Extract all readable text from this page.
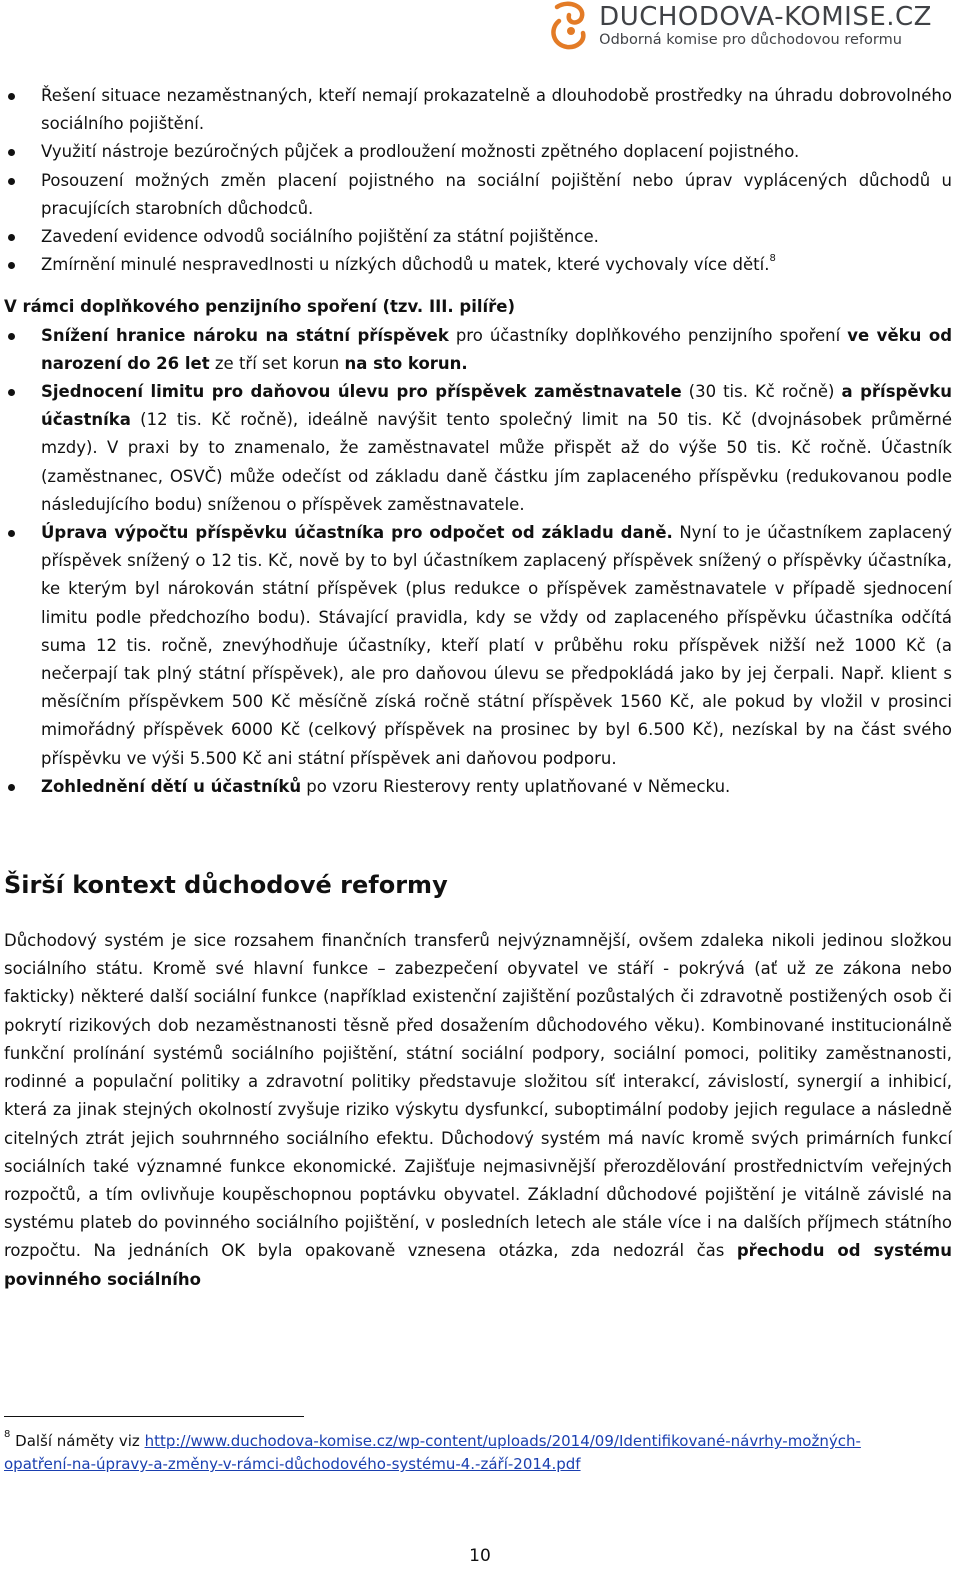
DUCHODOVA-KOMISE.CZ
Odborná komise pro důchodovou reformu
Řešení situace nezaměstnaných, kteří nemají prokazatelně a dlouhodobě prostředky na úhradu dobrovolného sociálního pojištění.
Využití nástroje bezúročných půjček a prodloužení možnosti zpětného doplacení pojistného.
Posouzení možných změn placení pojistného na sociální pojištění nebo úprav vyplácených důchodů u pracujících starobních důchodců.
Zavedení evidence odvodů sociálního pojištění za státní pojištěnce.
Zmírnění minulé nespravedlnosti u nízkých důchodů u matek, které vychovaly více dětí.$^8$
V rámci doplňkového penzijního spoření (tzv. III. pilíře)
Snížení hranice nároku na státní příspěvek pro účastníky doplňkového penzijního spoření ve věku od narození do 26 let ze tří set korun na sto korun.
Sjednocení limitu pro daňovou úlevu pro příspěvek zaměstnavatele (30 tis. Kč ročně) a příspěvku účastníka (12 tis. Kč ročně), ideálně navýšit tento společný limit na 50 tis. Kč (dvojnásobek průměrné mzdy). V praxi by to znamenalo, že zaměstnavatel může přispět až do výše 50 tis. Kč ročně. Účastník (zaměstnanec, OSVČ) může odečíst od základu daně částku jím zaplaceného příspěvku (redukovanou podle následujícího bodu) sníženou o příspěvek zaměstnavatele.
Úprava výpočtu příspěvku účastníka pro odpočet od základu daně. Nyní to je účastníkem zaplacený příspěvek snížený o 12 tis. Kč, nově by to byl účastníkem zaplacený příspěvek snížený o příspěvky účastníka, ke kterým byl nárokován státní příspěvek (plus redukce o příspěvek zaměstnavatele v případě sjednocení limitu podle předchozího bodu). Stávající pravidla, kdy se vždy od zaplaceného příspěvku účastníka odčítá suma 12 tis. ročně, znevýhodňuje účastníky, kteří platí v průběhu roku příspěvek nižší než 1000 Kč (a nečerpají tak plný státní příspěvek), ale pro daňovou úlevu se předpokládá jako by jej čerpali. Např. klient s měsíčním příspěvkem 500 Kč měsíčně získá ročně státní příspěvek 1560 Kč, ale pokud by vložil v prosinci mimořádný příspěvek 6000 Kč (celkový příspěvek na prosinec by byl 6.500 Kč), nezískal by na část svého příspěvku ve výši 5.500 Kč ani státní příspěvek ani daňovou podporu.
Zohlednění dětí u účastníků po vzoru Riesterovy renty uplatňované v Německu.
Širší kontext důchodové reformy

Důchodový systém je sice rozsahem finančních transferů nejvýznamnější, ovšem zdaleka nikoli jedinou složkou sociálního státu. Kromě své hlavní funkce – zabezpečení obyvatel ve stáří - pokrývá (ať už ze zákona nebo fakticky) některé další sociální funkce (například existenční zajištění pozůstalých či zdravotně postižených osob či pokrytí rizikových dob nezaměstnanosti těsně před dosažením důchodového věku). Kombinované institucionálně funkční prolínání systémů sociálního pojištění, státní sociální podpory, sociální pomoci, politiky zaměstnanosti, rodinné a populační politiky a zdravotní politiky představuje složitou síť interakcí, závislostí, synergií a inhibicí, která za jinak stejných okolností zvyšuje riziko výskytu dysfunkcí, suboptimální podoby jejich regulace a následně citelných ztrát jejich souhrnného sociálního efektu. Důchodový systém má navíc kromě svých primárních funkcí sociálních také významné funkce ekonomické. Zajišťuje nejmasivnější přerozdělování prostřednictvím veřejných rozpočtů, a tím ovlivňuje koupěschopnou poptávku obyvatel. Základní důchodové pojištění je vitálně závislé na systému plateb do povinného sociálního pojištění, v posledních letech ale stále více i na dalších příjmech státního rozpočtu. Na jednáních OK byla opakovaně vznesena otázka, zda nedozrál čas přechodu od systému povinného sociálního

$^8$ Další náměty viz http://www.duchodova-komise.cz/wp-content/uploads/2014/09/Identifikované-návrhy-možných-
opatření-na-úpravy-a-změny-v-rámci-důchodového-systému-4.-září-2014.pdf
10
